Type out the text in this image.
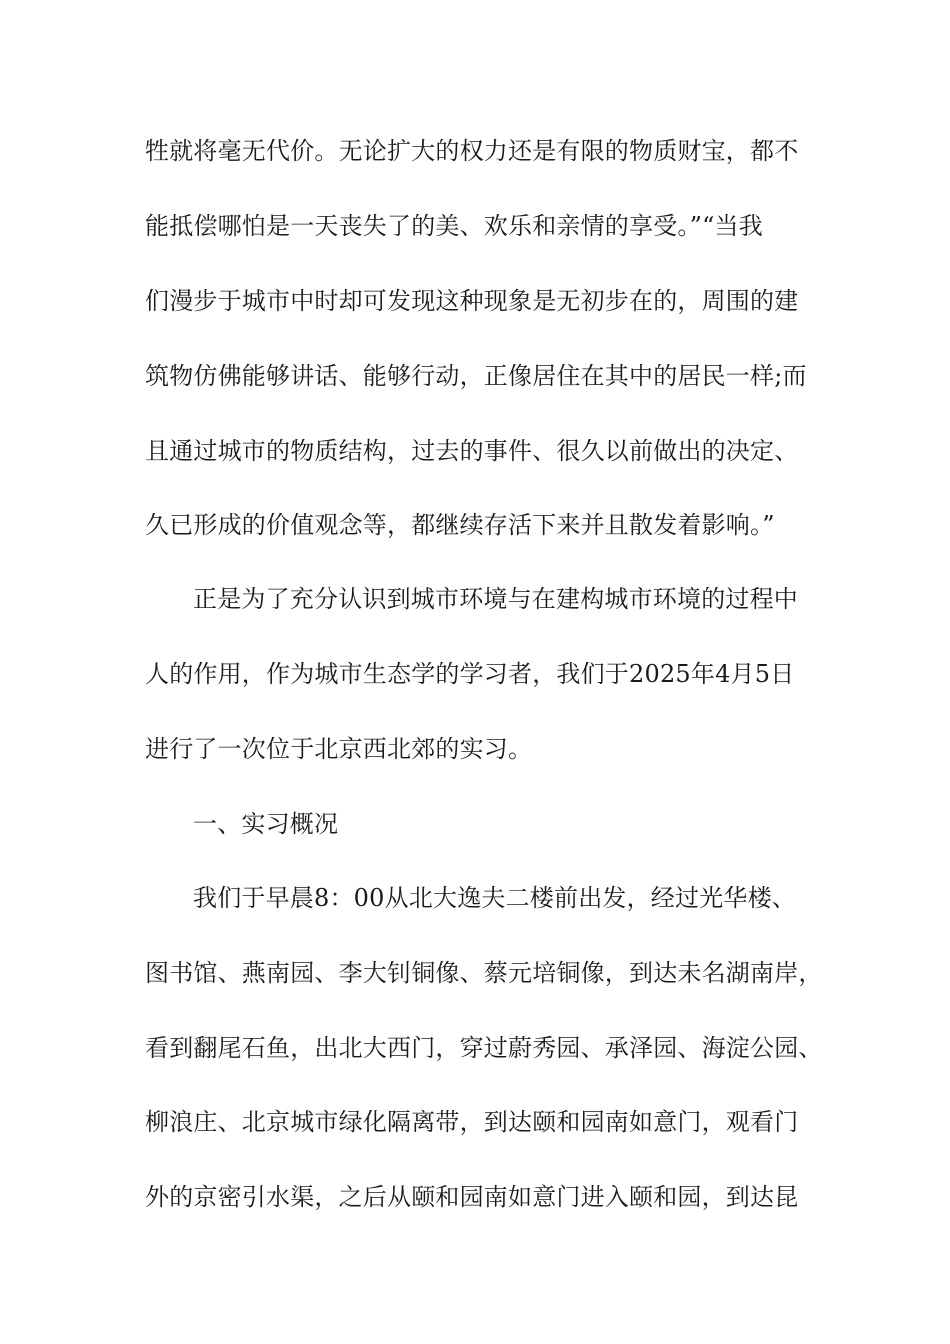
牲就将毫无代价。无论扩大的权力还是有限的物质财宝，都不
能抵偿哪怕是一天丧失了的美、欢乐和亲情的享受。”“当我
们漫步于城市中时却可发现这种现象是无初步在的，周围的建
筑物仿佛能够讲话、能够行动，正像居住在其中的居民一样;而
且通过城市的物质结构，过去的事件、很久以前做出的决定、
久已形成的价值观念等，都继续存活下来并且散发着影响。”
正是为了充分认识到城市环境与在建构城市环境的过程中
人的作用，作为城市生态学的学习者，我们于2025年4月5日
进行了一次位于北京西北郊的实习。
一、实习概况
我们于早晨8：00从北大逸夫二楼前出发，经过光华楼、
图书馆、燕南园、李大钊铜像、蔡元培铜像，到达未名湖南岸，
看到翻尾石鱼，出北大西门，穿过蔚秀园、承泽园、海淀公园、
柳浪庄、北京城市绿化隔离带，到达颐和园南如意门，观看门
外的京密引水渠，之后从颐和园南如意门进入颐和园，到达昆
